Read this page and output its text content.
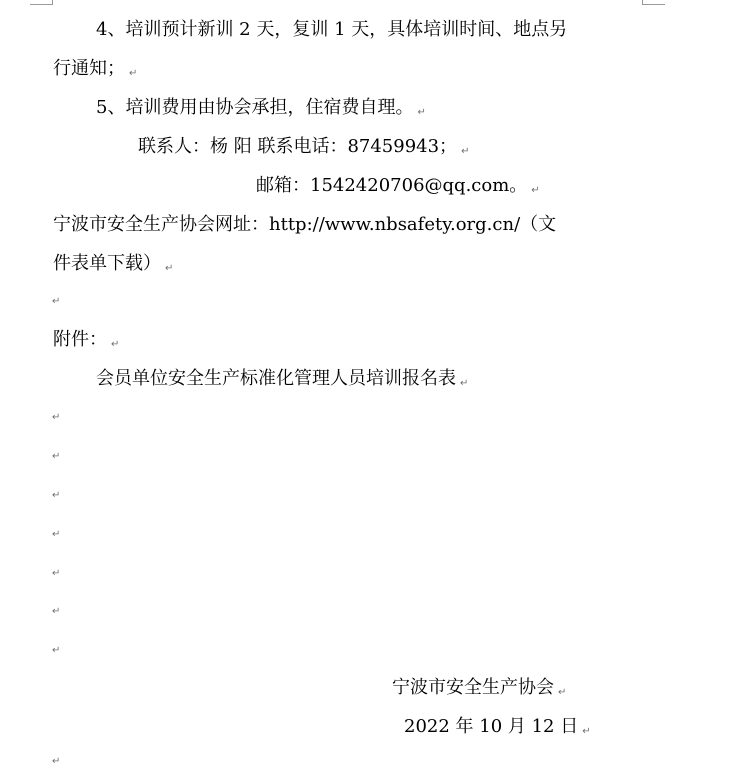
4、培训预计新训 2 天，复训 1 天，具体培训时间、地点另
行通知； ↵
5、培训费用由协会承担，住宿费自理。 ↵
联系人：杨 阳 联系电话：87459943； ↵
邮箱：1542420706@qq.com。 ↵
宁波市安全生产协会网址：http://www.nbsafety.org.cn/（文
件表单下载） ↵
↵
附件： ↵
会员单位安全生产标准化管理人员培训报名表 ↵
↵
↵
↵
↵
↵
↵
↵
宁波市安全生产协会 ↵
2022 年 10 月 12 日 ↵
↵
